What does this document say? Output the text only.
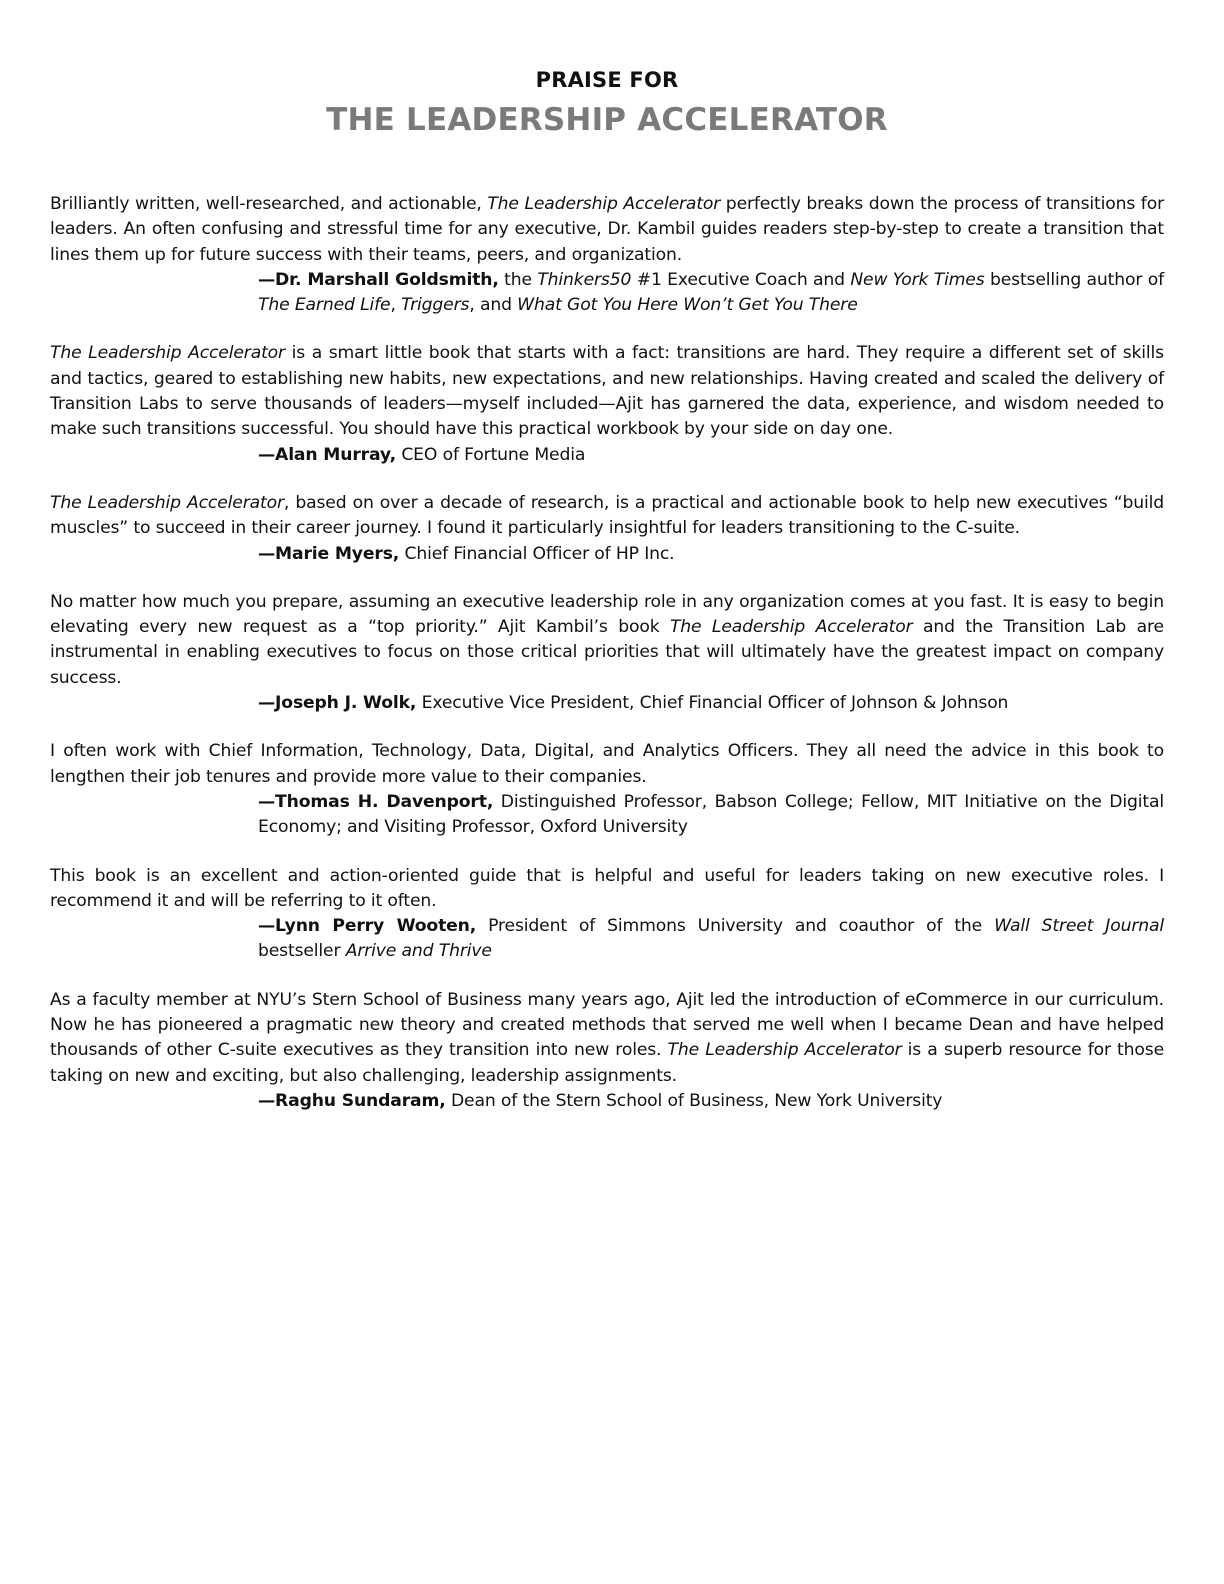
PRAISE FOR
THE LEADERSHIP ACCELERATOR

Brilliantly written, well-researched, and actionable, The Leadership Accelerator perfectly breaks down the process of transitions for leaders. An often confusing and stressful time for any executive, Dr. Kambil guides readers step-by-step to create a transition that lines them up for future success with their teams, peers, and organization.

—Dr. Marshall Goldsmith, the Thinkers50 #1 Executive Coach and New York Times bestselling author of The Earned Life, Triggers, and What Got You Here Won’t Get You There

The Leadership Accelerator is a smart little book that starts with a fact: transitions are hard. They require a different set of skills and tactics, geared to establishing new habits, new expectations, and new relationships. Having created and scaled the delivery of Transition Labs to serve thousands of leaders—myself included—Ajit has garnered the data, experience, and wisdom needed to make such transitions successful. You should have this practical workbook by your side on day one.

—Alan Murray, CEO of Fortune Media

The Leadership Accelerator, based on over a decade of research, is a practical and actionable book to help new executives “build muscles” to succeed in their career journey. I found it particularly insightful for leaders transitioning to the C-suite.

—Marie Myers, Chief Financial Officer of HP Inc.

No matter how much you prepare, assuming an executive leadership role in any organization comes at you fast. It is easy to begin elevating every new request as a “top priority.” Ajit Kambil’s book The Leadership Accelerator and the Transition Lab are instrumental in enabling executives to focus on those critical priorities that will ultimately have the greatest impact on company success.

—Joseph J. Wolk, Executive Vice President, Chief Financial Officer of Johnson & Johnson

I often work with Chief Information, Technology, Data, Digital, and Analytics Officers. They all need the advice in this book to lengthen their job tenures and provide more value to their companies.

—Thomas H. Davenport, Distinguished Professor, Babson College; Fellow, MIT Initiative on the Digital Economy; and Visiting Professor, Oxford University

This book is an excellent and action-oriented guide that is helpful and useful for leaders taking on new executive roles. I recommend it and will be referring to it often.

—Lynn Perry Wooten, President of Simmons University and coauthor of the Wall Street Journal bestseller Arrive and Thrive

As a faculty member at NYU’s Stern School of Business many years ago, Ajit led the introduction of eCommerce in our curriculum. Now he has pioneered a pragmatic new theory and created methods that served me well when I became Dean and have helped thousands of other C-suite executives as they transition into new roles. The Leadership Accelerator is a superb resource for those taking on new and exciting, but also challenging, leadership assignments.

—Raghu Sundaram, Dean of the Stern School of Business, New York University
